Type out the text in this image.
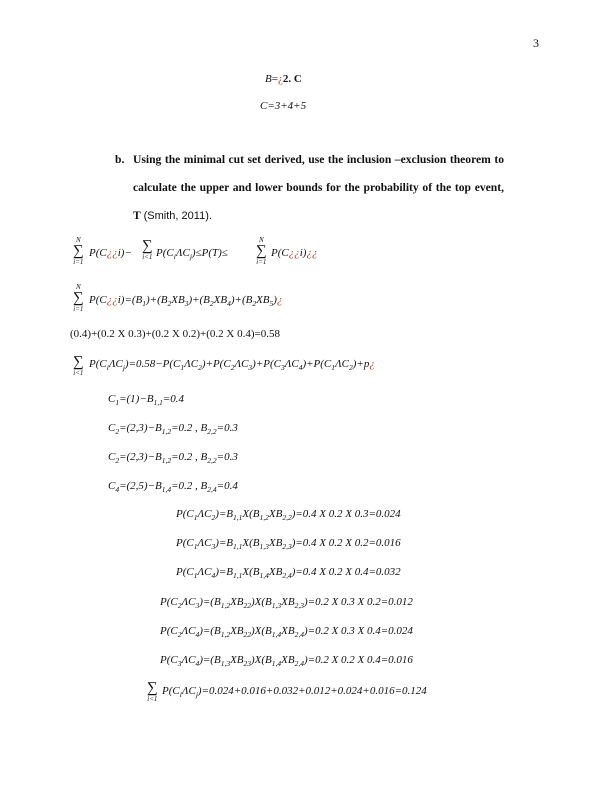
3
B=¿2. C
C=3+4+5
b. Using the minimal cut set derived, use the inclusion –exclusion theorem to calculate the upper and lower bounds for the probability of the top event, T (Smith, 2011).
N
∑
i=1
P(C¿¿i)− ∑
i<1 $P(C_i\Lambda C_j)\le P(T)\le$
N
∑
i=1
P(C¿¿i)¿¿
N
∑
i=1
$P(C¿¿i)=(B_1)+(B_2XB_3)+(B_2XB_4)+(B_2XB_5)¿$
(0.4)+(0.2 X 0.3)+(0.2 X 0.2)+(0.2 X 0.4)=0.58
∑
i<1
$P(C_i\Lambda C_j)=0.58-P(C_1\Lambda C_2)+P(C_2\Lambda C_3)+P(C_3\Lambda C_4)+P(C_1\Lambda C_2)+p¿$
$C_1=(1)-B_{1,1}=0.4$
$C_2=(2,3)-B_{1,2}=0.2$ , $B_{2,2}=0.3$
$C_2=(2,3)-B_{1,2}=0.2$ , $B_{2,2}=0.3$
$C_4=(2,5)-B_{1,4}=0.2$ , $B_{2,4}=0.4$
$P(C_1\Lambda C_2)=B_{1,1}X(B_{1,2}XB_{2,2})=0.4$ X 0.2 X 0.3=0.024
$P(C_1\Lambda C_3)=B_{1,1}X(B_{1,3}XB_{2,3})=0.4$ X 0.2 X 0.2=0.016
$P(C_1\Lambda C_4)=B_{1,1}X(B_{1,4}XB_{2,4})=0.4$ X 0.2 X 0.4=0.032
$P(C_2\Lambda C_3)=(B_{1,2}XB_{22})X(B_{1,3}XB_{2,3})=0.2$ X 0.3 X 0.2=0.012
$P(C_2\Lambda C_4)=(B_{1,2}XB_{22})X(B_{1,4}XB_{2,4})=0.2$ X 0.3 X 0.4=0.024
$P(C_3\Lambda C_4)=(B_{1,3}XB_{23})X(B_{1,4}XB_{2,4})=0.2$ X 0.2 X 0.4=0.016
∑
i<1
$P(C_i\Lambda C_j)=0.024+0.016+0.032+0.012+0.024+0.016=0.124$
